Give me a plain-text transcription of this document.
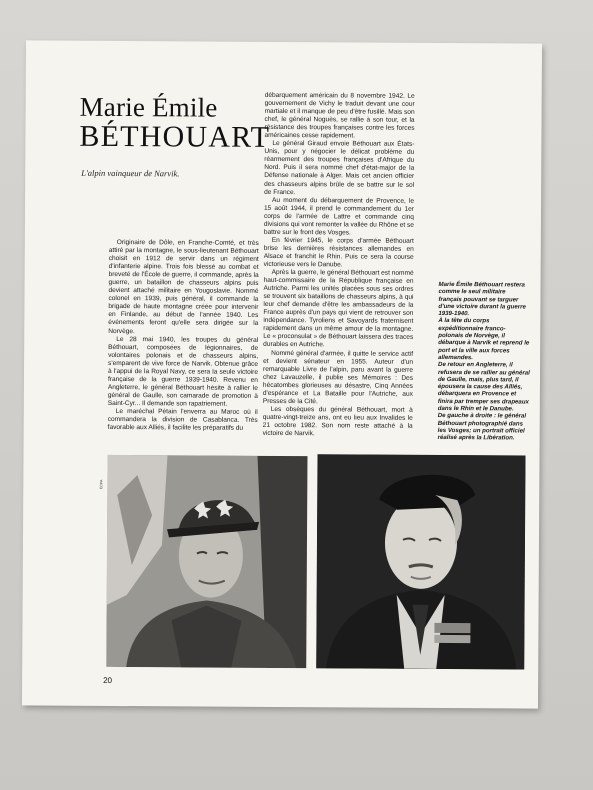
Marie Émile
BÉTHOUART
L'alpin vainqueur de Narvik.

Originaire de Dôle, en Franche-Comté, et très attiré par la montagne, le sous-lieutenant Béthouart choisit en 1912 de servir dans un régiment d'infanterie alpine. Trois fois blessé au combat et breveté de l'École de guerre, il commande, après la guerre, un bataillon de chasseurs alpins puis devient attaché militaire en Yougoslavie. Nommé colonel en 1939, puis général, il commande la brigade de haute montagne créée pour intervenir en Finlande, au début de l'année 1940. Les événements feront qu'elle sera dirigée sur la Norvège.

Le 28 mai 1940, les troupes du général Béthouart, composées de légionnaires, de volontaires polonais et de chasseurs alpins, s'emparent de vive force de Narvik. Obtenue grâce à l'appui de la Royal Navy, ce sera la seule victoire française de la guerre 1939-1940. Revenu en Angleterre, le général Béthouart hésite à rallier le général de Gaulle, son camarade de promotion à Saint-Cyr... Il demande son rapatriement.

Le maréchal Pétain l'enverra au Maroc où il commandera la division de Casablanca. Très favorable aux Alliés, il facilite les préparatifs du

débarquement américain du 8 novembre 1942. Le gouvernement de Vichy le traduit devant une cour martiale et il manque de peu d'être fusillé. Mais son chef, le général Noguès, se rallie à son tour, et la résistance des troupes françaises contre les forces américaines cesse rapidement.

Le général Giraud envoie Béthouart aux États-Unis, pour y négocier le délicat problème du réarmement des troupes françaises d'Afrique du Nord. Puis il sera nommé chef d'état-major de la Défense nationale à Alger. Mais cet ancien officier des chasseurs alpins brûle de se battre sur le sol de France.

Au moment du débarquement de Provence, le 15 août 1944, il prend le commandement du 1er corps de l'armée de Lattre et commande cinq divisions qui vont remonter la vallée du Rhône et se battre sur le front des Vosges.

En février 1945, le corps d'armée Béthouart brise les dernières résistances allemandes en Alsace et franchit le Rhin. Puis ce sera la course victorieuse vers le Danube.

Après la guerre, le général Béthouart est nommé haut-commissaire de la République française en Autriche. Parmi les unités placées sous ses ordres se trouvent six bataillons de chasseurs alpins, à qui leur chef demande d'être les ambassadeurs de la France auprès d'un pays qui vient de retrouver son indépendance. Tyroliens et Savoyards fraternisent rapidement dans un même amour de la montagne. Le « proconsulat » de Béthouart laissera des traces durables en Autriche.

Nommé général d'armée, il quitte le service actif et devient sénateur en 1955. Auteur d'un remarquable Livre de l'alpin, paru avant la guerre chez Lavauzelle, il publie ses Mémoires : Des hécatombes glorieuses au désastre, Cinq Années d'espérance et La Bataille pour l'Autriche, aux Presses de la Cité.

Les obsèques du général Béthouart, mort à quatre-vingt-treize ans, ont eu lieu aux Invalides le 21 octobre 1982. Son nom reste attaché à la victoire de Narvik.

Marie Émile Béthouart restera comme le seul militaire français pouvant se targuer d'une victoire durant la guerre 1939-1940.

À la tête du corps expéditionnaire franco-polonais de Norvège, il débarque à Narvik et reprend le port et la ville aux forces allemandes.

De retour en Angleterre, il refusera de se rallier au général de Gaulle, mais, plus tard, il épousera la cause des Alliés, débarquera en Provence et finira par tremper ses drapeaux dans le Rhin et le Danube.

De gauche à droite : le général Béthouart photographié dans les Vosges; un portrait officiel réalisé après la Libération.

ECPA
20
